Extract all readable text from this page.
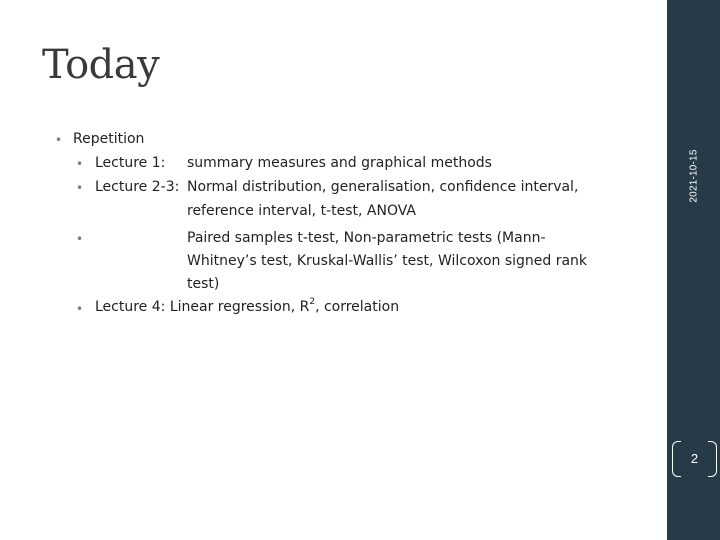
Today
• Repetition
• Lecture 1: summary measures and graphical methods
• Lecture 2-3: Normal distribution, generalisation, confidence interval,
reference interval, t-test, ANOVA
•	Paired samples t-test, Non-parametric tests (Mann-
Whitney’s test, Kruskal-Wallis’ test, Wilcoxon signed rank
test)
• Lecture 4: Linear regression, $R^2$, correlation
2021-10-15
2
